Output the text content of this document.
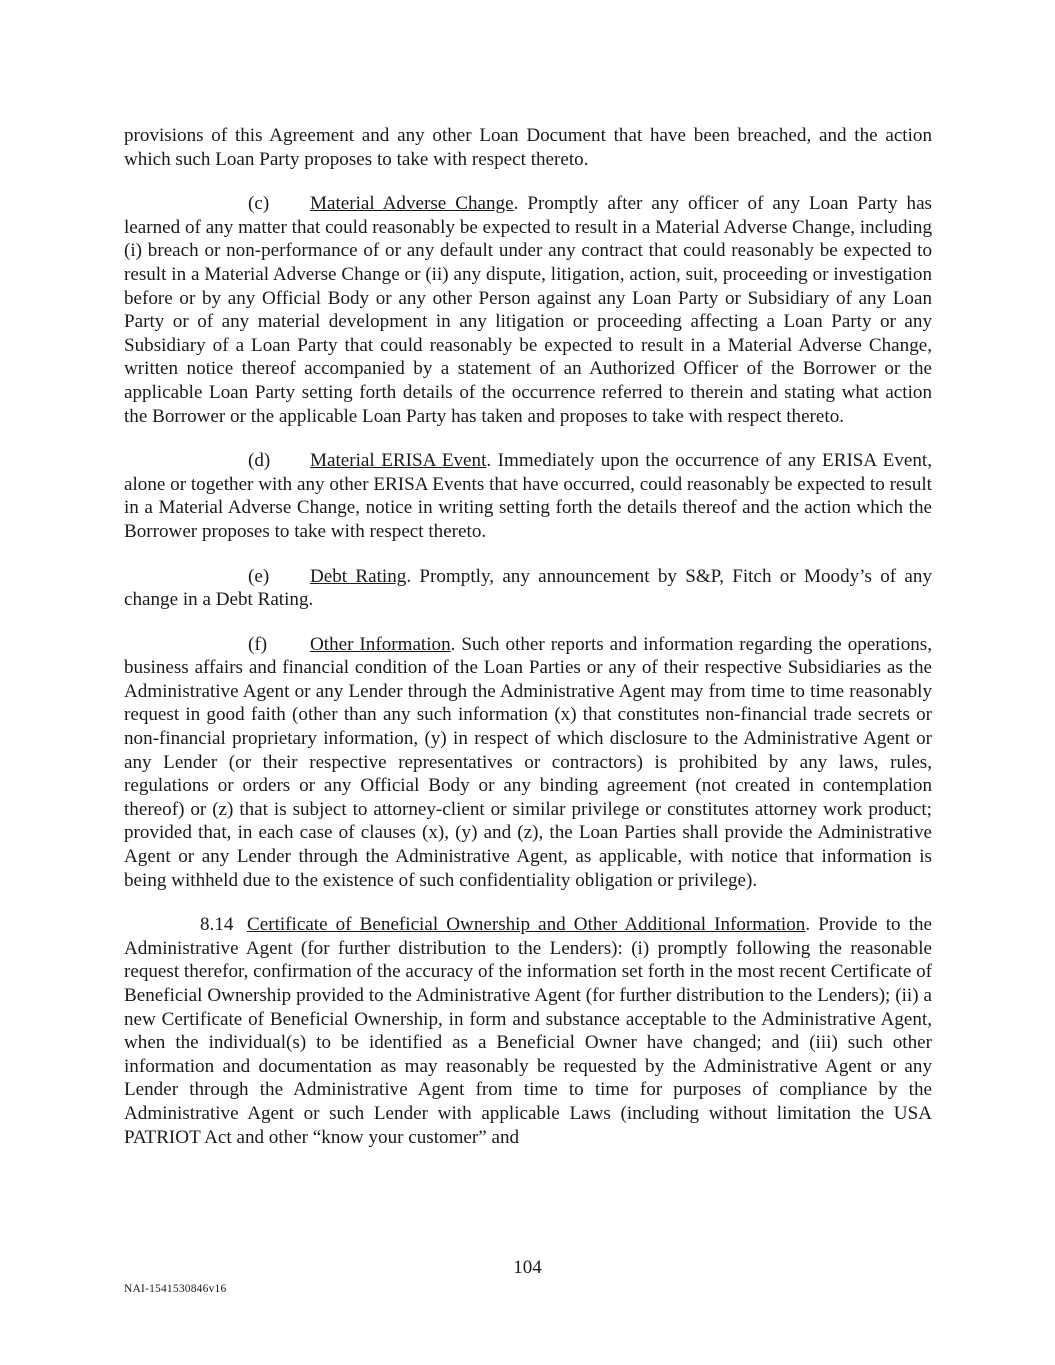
provisions of this Agreement and any other Loan Document that have been breached, and the action which such Loan Party proposes to take with respect thereto.

(c) Material Adverse Change. Promptly after any officer of any Loan Party has learned of any matter that could reasonably be expected to result in a Material Adverse Change, including (i) breach or non-performance of or any default under any contract that could reasonably be expected to result in a Material Adverse Change or (ii) any dispute, litigation, action, suit, proceeding or investigation before or by any Official Body or any other Person against any Loan Party or Subsidiary of any Loan Party or of any material development in any litigation or proceeding affecting a Loan Party or any Subsidiary of a Loan Party that could reasonably be expected to result in a Material Adverse Change, written notice thereof accompanied by a statement of an Authorized Officer of the Borrower or the applicable Loan Party setting forth details of the occurrence referred to therein and stating what action the Borrower or the applicable Loan Party has taken and proposes to take with respect thereto.

(d) Material ERISA Event. Immediately upon the occurrence of any ERISA Event, alone or together with any other ERISA Events that have occurred, could reasonably be expected to result in a Material Adverse Change, notice in writing setting forth the details thereof and the action which the Borrower proposes to take with respect thereto.

(e) Debt Rating. Promptly, any announcement by S&P, Fitch or Moody’s of any change in a Debt Rating.

(f) Other Information. Such other reports and information regarding the operations, business affairs and financial condition of the Loan Parties or any of their respective Subsidiaries as the Administrative Agent or any Lender through the Administrative Agent may from time to time reasonably request in good faith (other than any such information (x) that constitutes non-financial trade secrets or non-financial proprietary information, (y) in respect of which disclosure to the Administrative Agent or any Lender (or their respective representatives or contractors) is prohibited by any laws, rules, regulations or orders or any Official Body or any binding agreement (not created in contemplation thereof) or (z) that is subject to attorney-client or similar privilege or constitutes attorney work product; provided that, in each case of clauses (x), (y) and (z), the Loan Parties shall provide the Administrative Agent or any Lender through the Administrative Agent, as applicable, with notice that information is being withheld due to the existence of such confidentiality obligation or privilege).

8.14 Certificate of Beneficial Ownership and Other Additional Information. Provide to the Administrative Agent (for further distribution to the Lenders): (i) promptly following the reasonable request therefor, confirmation of the accuracy of the information set forth in the most recent Certificate of Beneficial Ownership provided to the Administrative Agent (for further distribution to the Lenders); (ii) a new Certificate of Beneficial Ownership, in form and substance acceptable to the Administrative Agent, when the individual(s) to be identified as a Beneficial Owner have changed; and (iii) such other information and documentation as may reasonably be requested by the Administrative Agent or any Lender through the Administrative Agent from time to time for purposes of compliance by the Administrative Agent or such Lender with applicable Laws (including without limitation the USA PATRIOT Act and other “know your customer” and

104
NAI-1541530846v16
